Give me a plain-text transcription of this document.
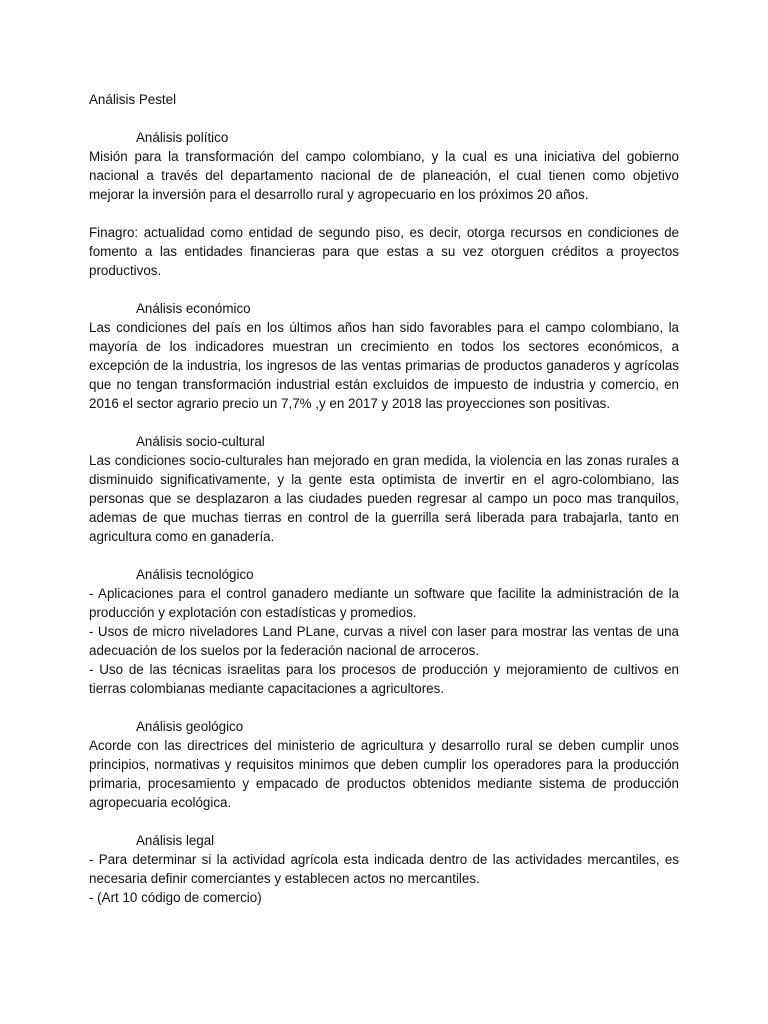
Análisis Pestel
Análisis político

Misión para la transformación del campo colombiano, y la cual es una iniciativa del gobierno nacional a través del departamento nacional de de planeación, el cual tienen como objetivo mejorar la inversión para el desarrollo rural y agropecuario en los próximos 20 años.

Finagro: actualidad como entidad de segundo piso, es decir, otorga recursos en condiciones de fomento a las entidades financieras para que estas a su vez otorguen créditos a proyectos productivos.

Análisis económico

Las condiciones del país en los últimos años han sido favorables para el campo colombiano, la mayoría de los indicadores muestran un crecimiento en todos los sectores económicos, a excepción de la industria, los ingresos de las ventas primarias de productos ganaderos y agrícolas que no tengan transformación industrial están excluidos de impuesto de industria y comercio, en 2016 el sector agrario precio un 7,7% ,y en 2017 y 2018 las proyecciones son positivas.

Análisis socio-cultural

Las condiciones socio-culturales han mejorado en gran medida, la violencia en las zonas rurales a disminuido significativamente, y la gente esta optimista de invertir en el agro-colombiano, las personas que se desplazaron a las ciudades pueden regresar al campo un poco mas tranquilos, ademas de que muchas tierras en control de la guerrilla será liberada para trabajarla, tanto en agricultura como en ganadería.

Análisis tecnológico

- Aplicaciones para el control ganadero mediante un software que facilite la administración de la producción y explotación con estadísticas y promedios.

- Usos de micro niveladores Land PLane, curvas a nivel con laser para mostrar las ventas de una adecuación de los suelos por la federación nacional de arroceros.

- Uso de las técnicas israelitas para los procesos de producción y mejoramiento de cultivos en tierras colombianas mediante capacitaciones a agricultores.

Análisis geológico

Acorde con las directrices del ministerio de agricultura y desarrollo rural se deben cumplir unos principios, normativas y requisitos minimos que deben cumplir los operadores para la producción primaria, procesamiento y empacado de productos obtenidos mediante sistema de producción agropecuaria ecológica.

Análisis legal

- Para determinar si la actividad agrícola esta indicada dentro de las actividades mercantiles, es necesaria definir comerciantes y establecen actos no mercantiles.

- (Art 10 código de comercio)
